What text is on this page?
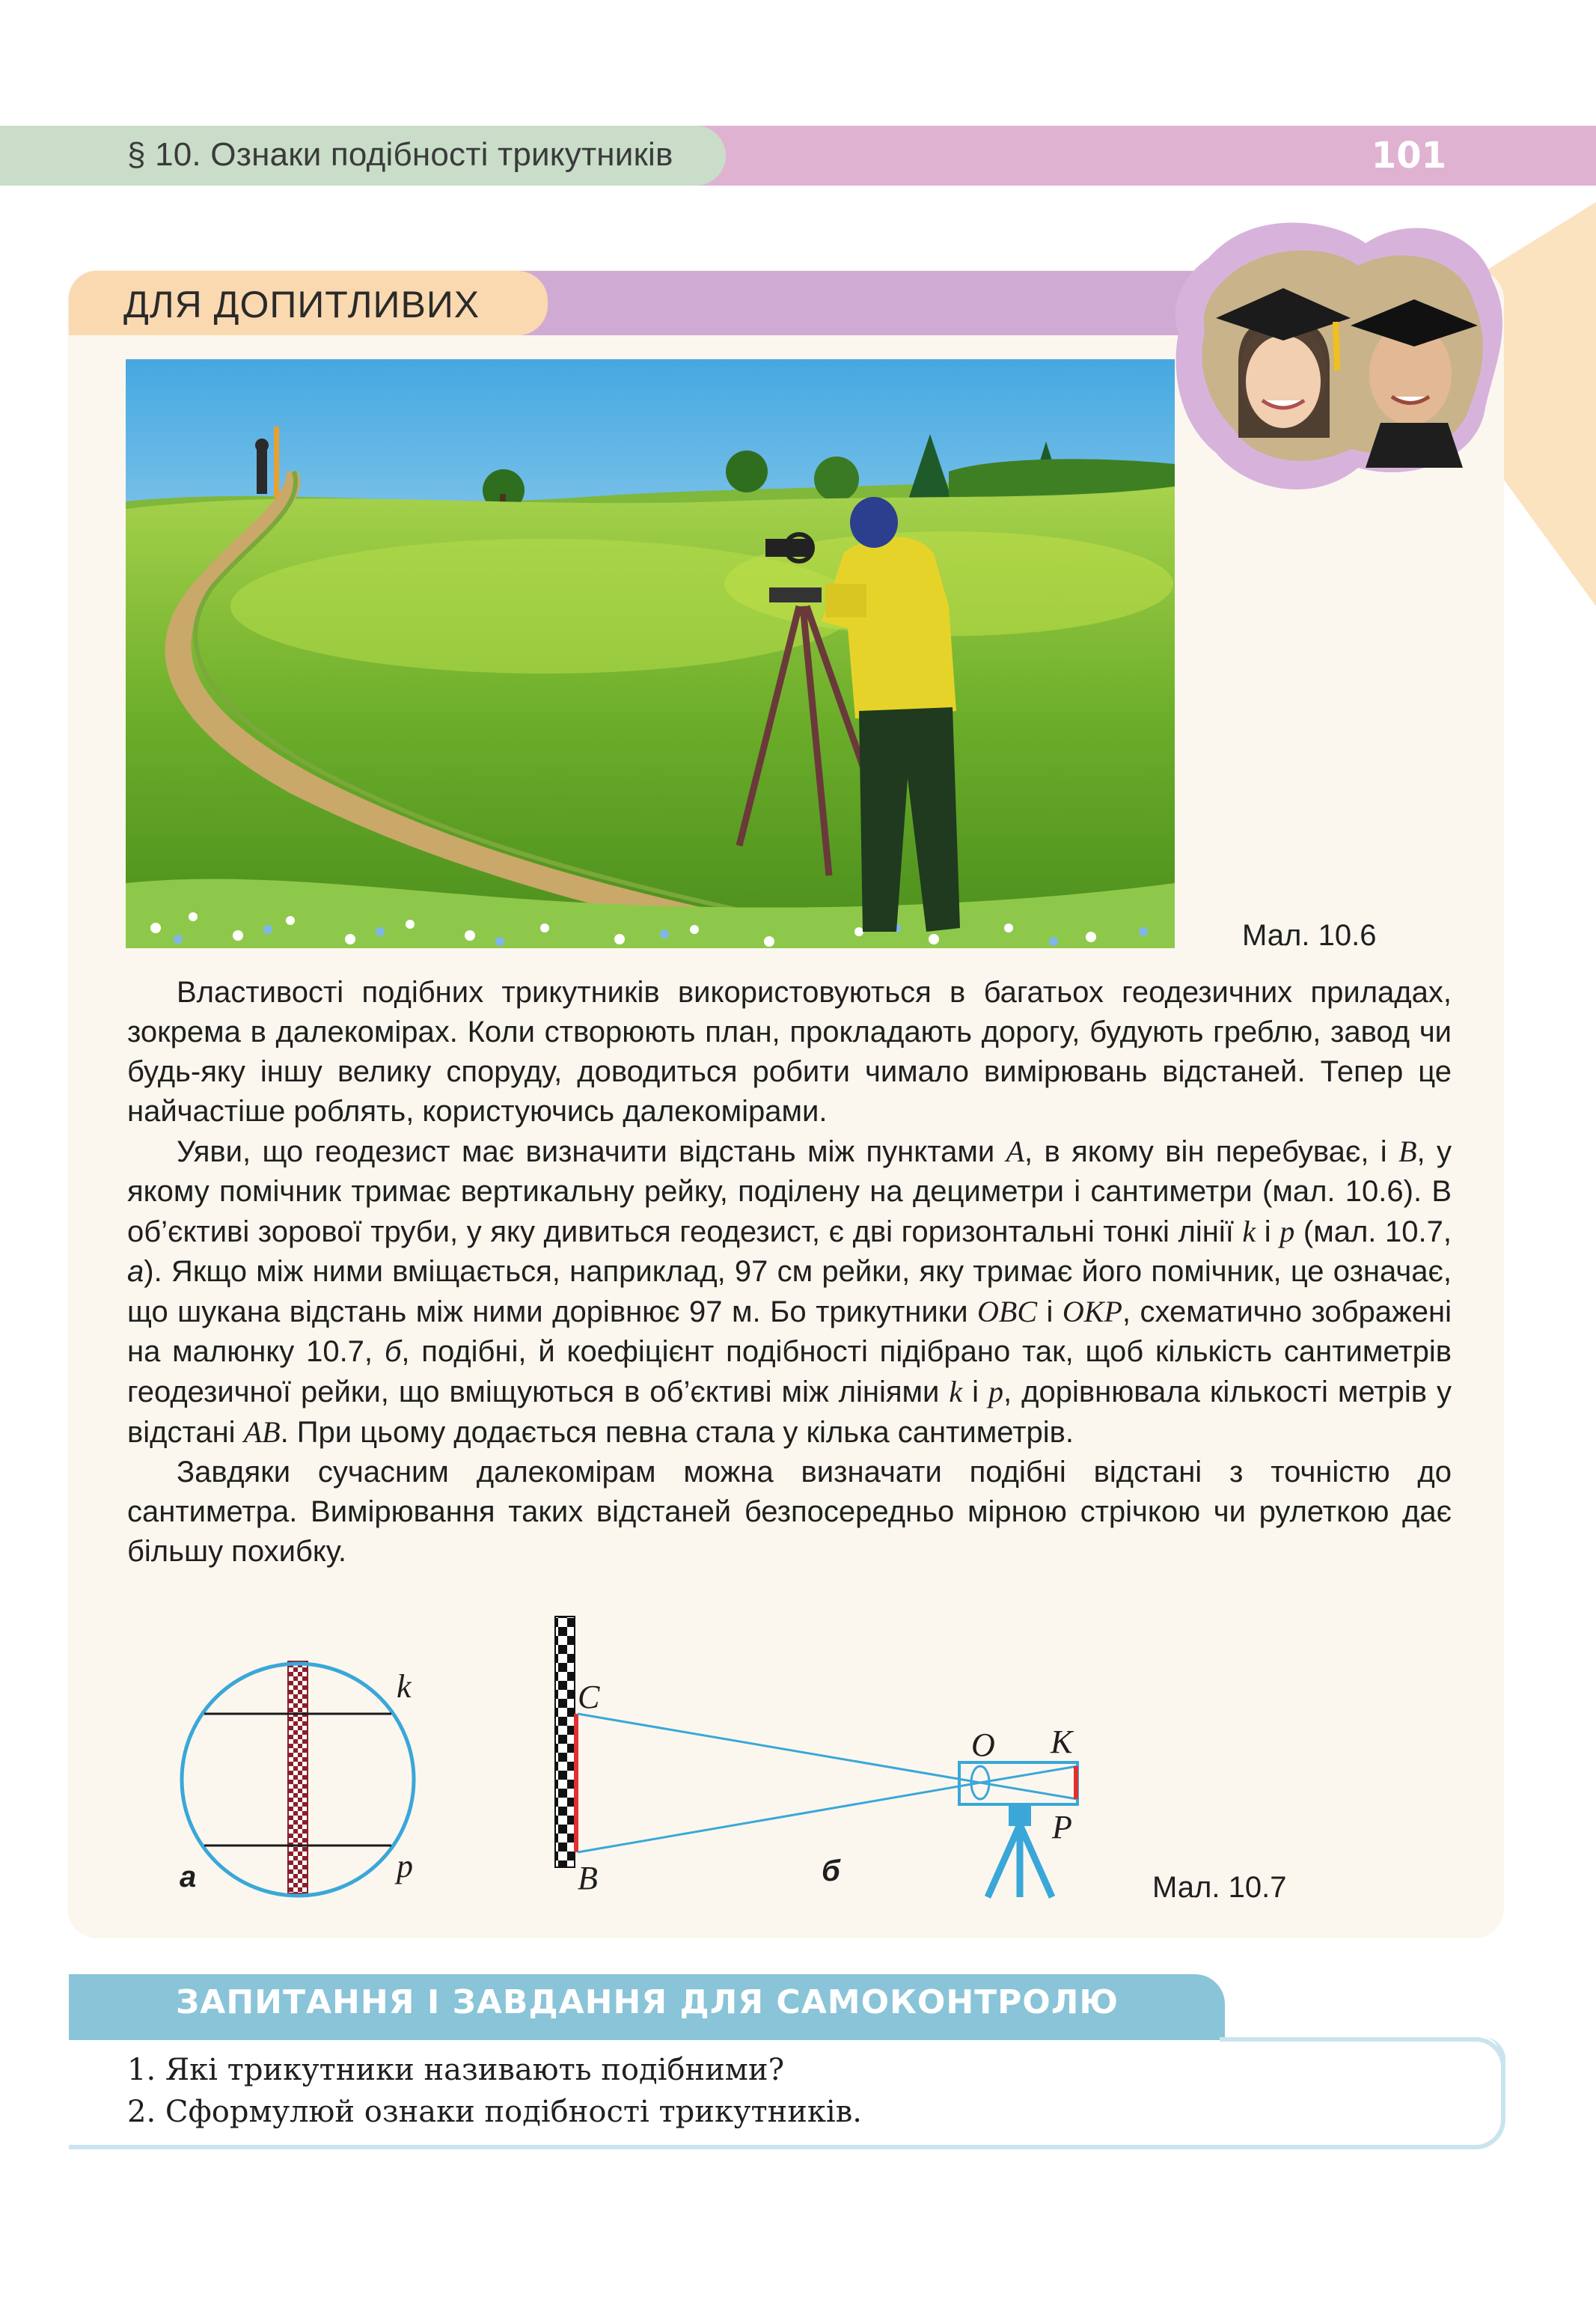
§ 10. Ознаки подібності трикутників	101
ДЛЯ ДОПИТЛИВИХ
Мал. 10.6

Властивості подібних трикутників використовуються в багатьох геодезичних приладах, зокрема в далекомірах. Коли створюють план, прокладають дорогу, будують греблю, завод чи будь-яку іншу велику споруду, доводиться робити чимало вимірювань відстаней. Тепер це найчастіше роблять, користуючись далекомірами.

Уяви, що геодезист має визначити відстань між пунктами A, в якому він перебуває, і B, у якому помічник тримає вертикальну рейку, поділену на дециметри і сантиметри (мал. 10.6). В об’єктиві зорової труби, у яку дивиться геодезист, є дві горизонтальні тонкі лінії k і p (мал. 10.7, а). Якщо між ними вміщається, наприклад, 97 см рейки, яку тримає його помічник, це означає, що шукана відстань між ними дорівнює 97 м. Бо трикутники OBC і OKP, схематично зображені на малюнку 10.7, б, подібні, й коефіцієнт подібності підібрано так, щоб кількість сантиметрів геодезичної рейки, що вміщуються в об’єктиві між лініями k і p, дорівнювала кількості метрів у відстані AB. При цьому додається певна стала у кілька сантиметрів.

Завдяки сучасним далекомірам можна визначати подібні відстані з точністю до сантиметра. Вимірювання таких відстаней безпосередньо мірною стрічкою чи рулеткою дає більшу похибку.

k
p
а	б
C
B
O K
P
Мал. 10.7
ЗАПИТАННЯ І ЗАВДАННЯ ДЛЯ САМОКОНТРОЛЮ
1. Які трикутники називають подібними?
2. Сформулюй ознаки подібності трикутників.
